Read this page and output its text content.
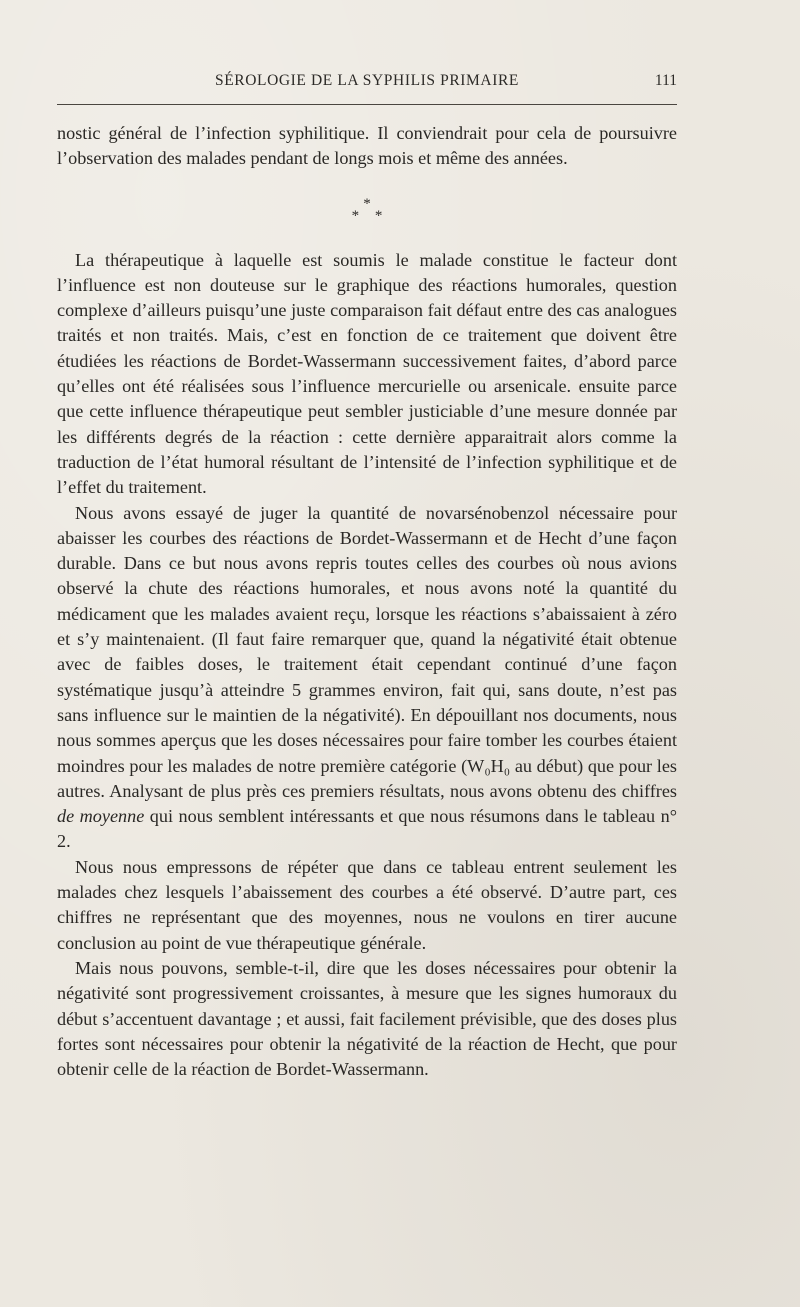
SÉROLOGIE DE LA SYPHILIS PRIMAIRE	111

nostic général de l’infection syphilitique. Il conviendrait pour cela de poursuivre l’observation des malades pendant de longs mois et même des années.

*
* *

La thérapeutique à laquelle est soumis le malade constitue le facteur dont l’influence est non douteuse sur le graphique des réactions humorales, question complexe d’ailleurs puisqu’une juste comparaison fait défaut entre des cas analogues traités et non traités. Mais, c’est en fonction de ce traitement que doivent être étudiées les réactions de Bordet-Wassermann successivement faites, d’abord parce qu’elles ont été réalisées sous l’influence mercurielle ou arsenicale. ensuite parce que cette influence thérapeutique peut sembler justiciable d’une mesure donnée par les différents degrés de la réaction : cette dernière apparaitrait alors comme la traduction de l’état humoral résultant de l’intensité de l’infection syphilitique et de l’effet du traitement.

Nous avons essayé de juger la quantité de novarsénobenzol nécessaire pour abaisser les courbes des réactions de Bordet-Wassermann et de Hecht d’une façon durable. Dans ce but nous avons repris toutes celles des courbes où nous avions observé la chute des réactions humorales, et nous avons noté la quantité du médicament que les malades avaient reçu, lorsque les réactions s’abaissaient à zéro et s’y maintenaient. (Il faut faire remarquer que, quand la négativité était obtenue avec de faibles doses, le traitement était cependant continué d’une façon systématique jusqu’à atteindre 5 grammes environ, fait qui, sans doute, n’est pas sans influence sur le maintien de la négativité). En dépouillant nos documents, nous nous sommes aperçus que les doses nécessaires pour faire tomber les courbes étaient moindres pour les malades de notre première catégorie (W₀H₀ au début) que pour les autres. Analysant de plus près ces premiers résultats, nous avons obtenu des chiffres de moyenne qui nous semblent intéressants et que nous résumons dans le tableau n° 2.

Nous nous empressons de répéter que dans ce tableau entrent seulement les malades chez lesquels l’abaissement des courbes a été observé. D’autre part, ces chiffres ne représentant que des moyennes, nous ne voulons en tirer aucune conclusion au point de vue thérapeutique générale.

Mais nous pouvons, semble-t-il, dire que les doses nécessaires pour obtenir la négativité sont progressivement croissantes, à mesure que les signes humoraux du début s’accentuent davantage ; et aussi, fait facilement prévisible, que des doses plus fortes sont nécessaires pour obtenir la négativité de la réaction de Hecht, que pour obtenir celle de la réaction de Bordet-Wassermann.
